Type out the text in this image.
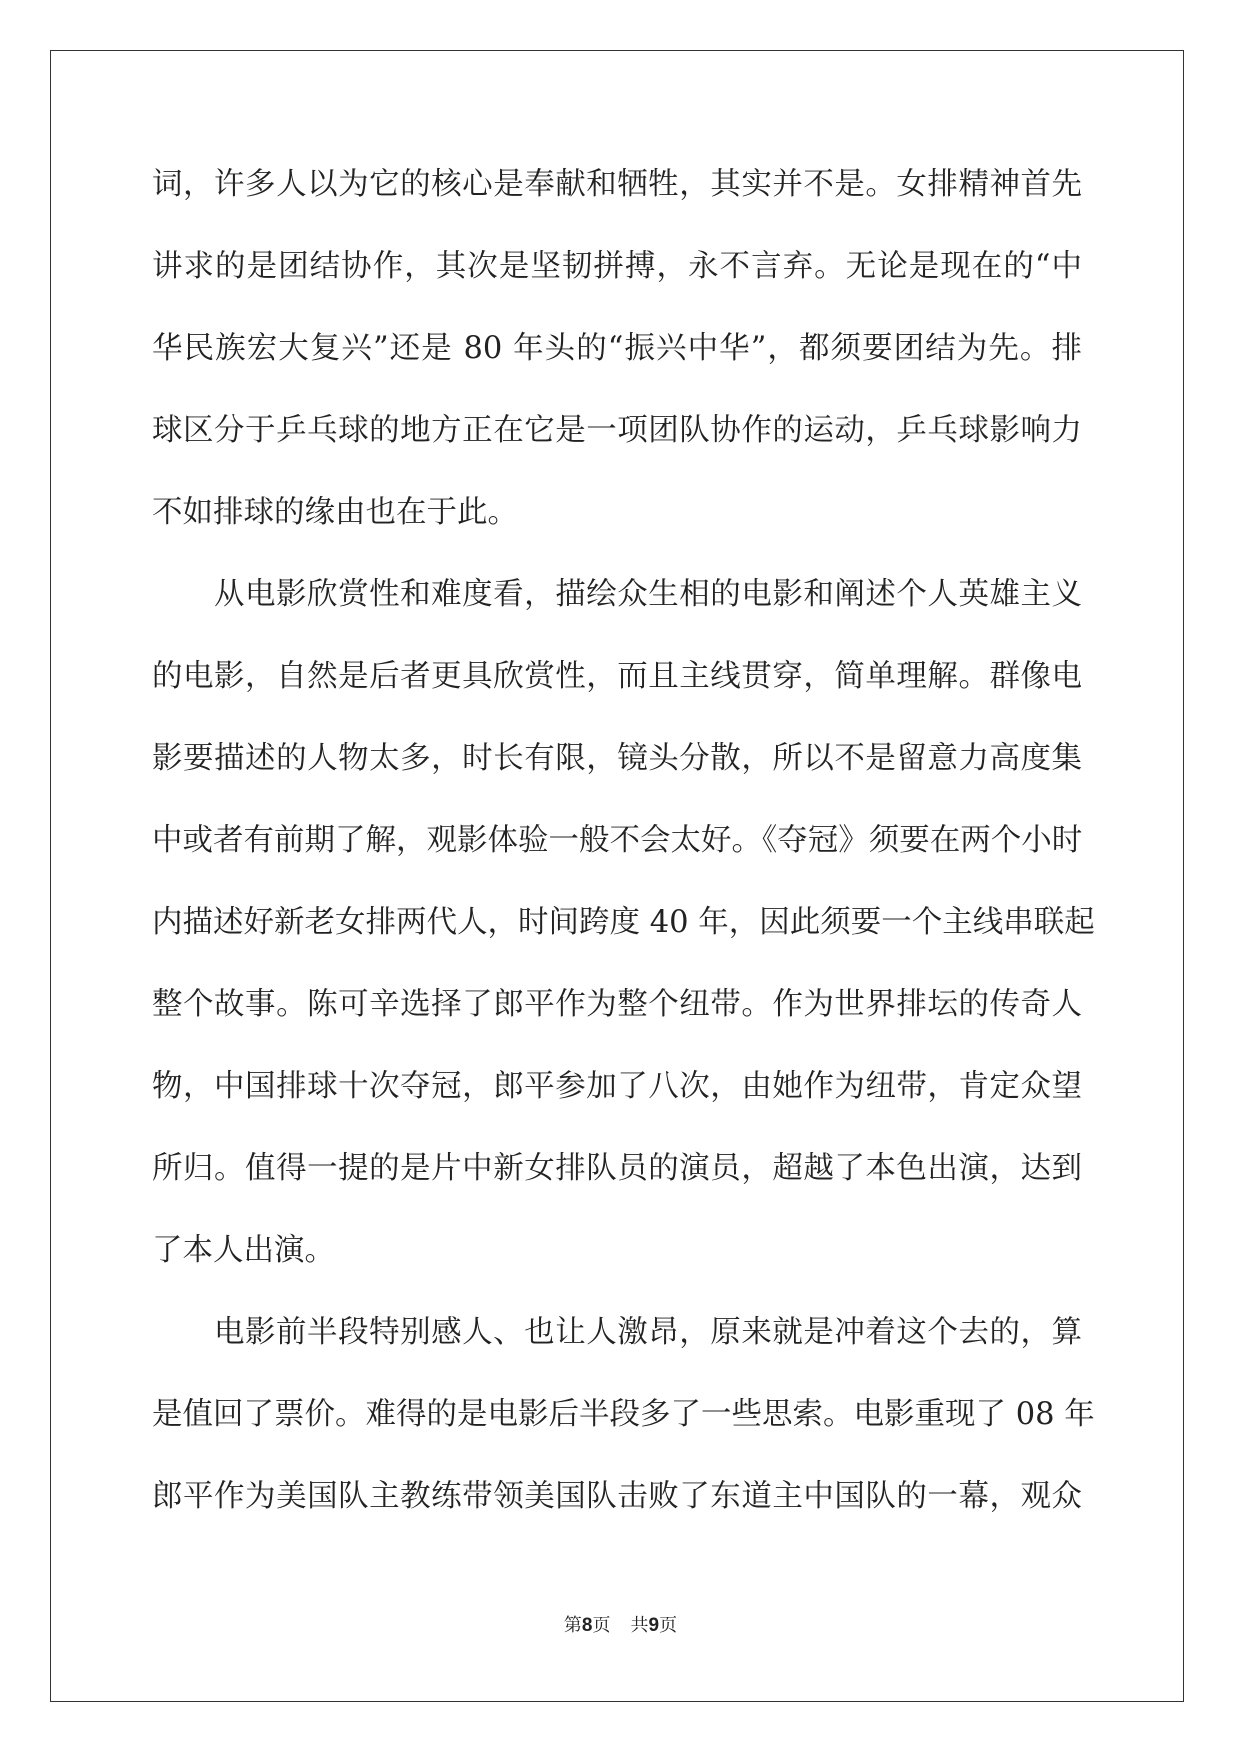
词，许多人以为它的核心是奉献和牺牲，其实并不是。女排精神首先
讲求的是团结协作，其次是坚韧拼搏，永不言弃。无论是现在的“中
华民族宏大复兴”还是 80 年头的“振兴中华”，都须要团结为先。排
球区分于乒乓球的地方正在它是一项团队协作的运动，乒乓球影响力
不如排球的缘由也在于此。
从电影欣赏性和难度看，描绘众生相的电影和阐述个人英雄主义
的电影，自然是后者更具欣赏性，而且主线贯穿，简单理解。群像电
影要描述的人物太多，时长有限，镜头分散，所以不是留意力高度集
中或者有前期了解，观影体验一般不会太好。《夺冠》须要在两个小时
内描述好新老女排两代人，时间跨度 40 年，因此须要一个主线串联起
整个故事。陈可辛选择了郎平作为整个纽带。作为世界排坛的传奇人
物，中国排球十次夺冠，郎平参加了八次，由她作为纽带，肯定众望
所归。值得一提的是片中新女排队员的演员，超越了本色出演，达到
了本人出演。
电影前半段特别感人、也让人激昂，原来就是冲着这个去的，算
是值回了票价。难得的是电影后半段多了一些思索。电影重现了 08 年
郎平作为美国队主教练带领美国队击败了东道主中国队的一幕，观众
第8页 共9页
